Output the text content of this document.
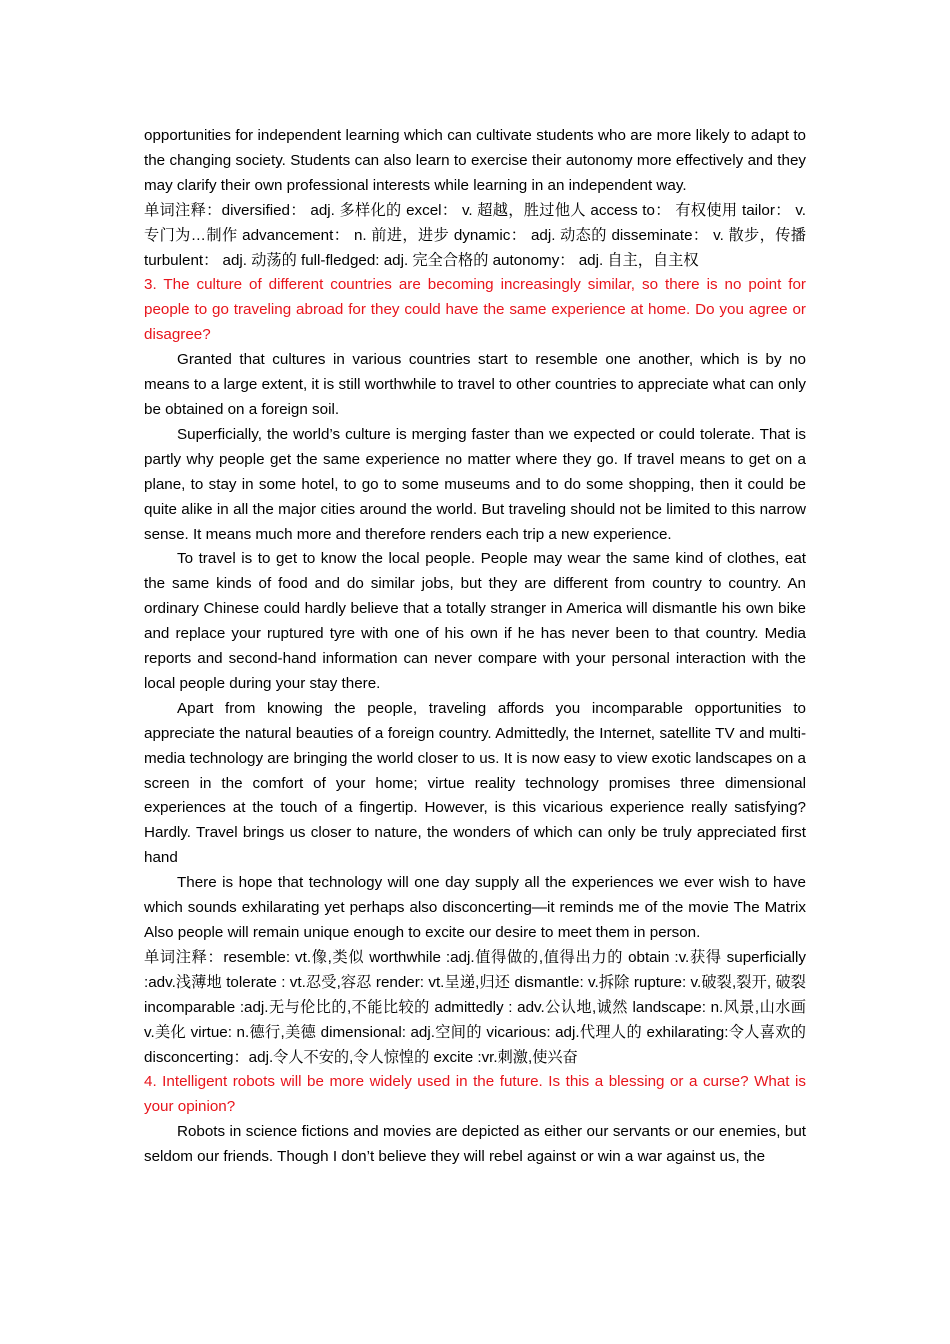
opportunities for independent learning which can cultivate students who are more likely to adapt to the changing society. Students can also learn to exercise their autonomy more effectively and they may clarify their own professional interests while learning in an independent way.

单词注释：diversified： adj. 多样化的 excel： v. 超越，胜过他人 access to： 有权使用 tailor： v. 专门为…制作 advancement： n. 前进，进步 dynamic： adj. 动态的 disseminate： v. 散步，传播 turbulent： adj. 动荡的 full-fledged: adj. 完全合格的 autonomy： adj. 自主，自主权

3. The culture of different countries are becoming increasingly similar, so there is no point for people to go traveling abroad for they could have the same experience at home. Do you agree or disagree?

Granted that cultures in various countries start to resemble one another, which is by no means to a large extent, it is still worthwhile to travel to other countries to appreciate what can only be obtained on a foreign soil.

Superficially, the world’s culture is merging faster than we expected or could tolerate. That is partly why people get the same experience no matter where they go. If travel means to get on a plane, to stay in some hotel, to go to some museums and to do some shopping, then it could be quite alike in all the major cities around the world. But traveling should not be limited to this narrow sense. It means much more and therefore renders each trip a new experience.

To travel is to get to know the local people. People may wear the same kind of clothes, eat the same kinds of food and do similar jobs, but they are different from country to country. An ordinary Chinese could hardly believe that a totally stranger in America will dismantle his own bike and replace your ruptured tyre with one of his own if he has never been to that country. Media reports and second-hand information can never compare with your personal interaction with the local people during your stay there.

Apart from knowing the people, traveling affords you incomparable opportunities to appreciate the natural beauties of a foreign country. Admittedly, the Internet, satellite TV and multi-media technology are bringing the world closer to us. It is now easy to view exotic landscapes on a screen in the comfort of your home; virtue reality technology promises three dimensional experiences at the touch of a fingertip. However, is this vicarious experience really satisfying? Hardly. Travel brings us closer to nature, the wonders of which can only be truly appreciated first hand

There is hope that technology will one day supply all the experiences we ever wish to have which sounds exhilarating yet perhaps also disconcerting—it reminds me of the movie The Matrix Also people will remain unique enough to excite our desire to meet them in person.

单词注释：resemble: vt.像,类似 worthwhile :adj.值得做的,值得出力的 obtain :v.获得 superficially :adv.浅薄地 tolerate : vt.忍受,容忍 render: vt.呈递,归还 dismantle: v.拆除 rupture: v.破裂,裂开, 破裂 incomparable :adj.无与伦比的,不能比较的 admittedly : adv.公认地,诚然 landscape: n.风景,山水画 v.美化 virtue: n.德行,美德 dimensional: adj.空间的 vicarious: adj.代理人的 exhilarating:令人喜欢的 disconcerting：adj.令人不安的,令人惊惶的 excite :vr.刺激,使兴奋

4. Intelligent robots will be more widely used in the future. Is this a blessing or a curse? What is your opinion?

Robots in science fictions and movies are depicted as either our servants or our enemies, but seldom our friends. Though I don’t believe they will rebel against or win a war against us, the
